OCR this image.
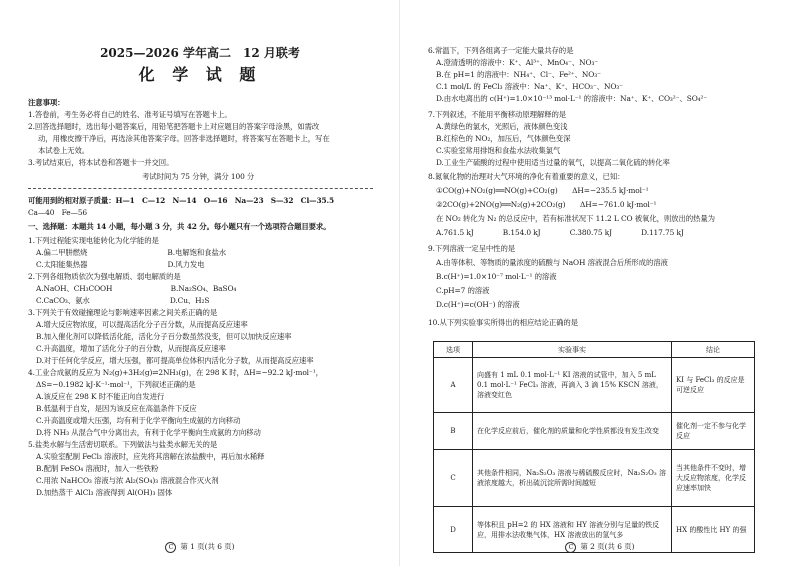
2025—2026 学年高二　12 月联考
化 学 试 题
注意事项：
1.答卷前，考生务必将自己的姓名、准考证号填写在答题卡上。
2.回答选择题时，选出每小题答案后，用铅笔把答题卡上对应题目的答案字母涂黑，如需改
动，用橡皮擦干净后，再选涂其他答案字母。回答非选择题时，将答案写在答题卡上，写在
本试卷上无效。
3.考试结束后，将本试卷和答题卡一并交回。
考试时间为 75 分钟，满分 100 分
可能用到的相对原子质量：H—1　C—12　N—14　O—16　Na—23　S—32　Cl—35.5
Ca—40　Fe—56
一、选择题：本题共 14 小题，每小题 3 分，共 42 分。每小题只有一个选项符合题目要求。
1.下列过程能实现电能转化为化学能的是
A.偏二甲肼燃烧　　　　　　　　　　　B.电解饱和食盐水
C.太阳能集热器　　　　　　　　　　　D.风力发电
2.下列各组物质依次为强电解质、弱电解质的是
A.NaOH、CH₃COOH　　　　　　　　B.Na₂SO₄、BaSO₄
C.CaCO₃、氨水　　　　　　　　　　　D.Cu、H₂S
3.下列关于有效碰撞理论与影响速率因素之间关系正确的是
A.增大反应物浓度，可以提高活化分子百分数，从而提高反应速率
B.加入催化剂可以降低活化能，活化分子百分数虽然没变，但可以加快反应速率
C.升高温度，增加了活化分子的百分数，从而提高反应速率
D.对于任何化学反应，增大压强，都可提高单位体积内活化分子数，从而提高反应速率
4.工业合成氨的反应为 N₂(g)+3H₂(g)⇌2NH₃(g)，在 298 K 时，ΔH=−92.2 kJ·mol⁻¹，
ΔS=−0.1982 kJ·K⁻¹·mol⁻¹，下列叙述正确的是
A.该反应在 298 K 时不能正向自发进行
B.低温利于自发，是因为该反应在高温条件下反应
C.升高温度或增大压强，均有利于化学平衡向生成氨的方向移动
D.将 NH₃ 从混合气中分离出去，有利于化学平衡向生成氨的方向移动
5.盐类水解与生活密切联系。下列做法与盐类水解无关的是
A.实验室配制 FeCl₃ 溶液时，应先将其溶解在浓盐酸中，再后加水稀释
B.配制 FeSO₄ 溶液时，加入一些铁粉
C.用浓 NaHCO₃ 溶液与浓 Al₂(SO₄)₃ 溶液混合作灭火剂
D.加热蒸干 AlCl₃ 溶液得到 Al(OH)₃ 固体
C 第 1 页(共 6 页)
6.常温下，下列各组离子一定能大量共存的是
A.澄清透明的溶液中：K⁺、Al³⁺、MnO₄⁻、NO₃⁻
B.在 pH=1 的溶液中：NH₄⁺、Cl⁻、Fe²⁺、NO₃⁻
C.1 mol/L 的 FeCl₃ 溶液中：Na⁺、K⁺、HCO₃⁻、NO₃⁻
D.由水电离出的 c(H⁺)=1.0×10⁻¹³ mol·L⁻¹ 的溶液中：Na⁺、K⁺、CO₃²⁻、SO₄²⁻
7.下列叙述，不能用平衡移动原理解释的是
A.黄绿色的氯水，光照后，液体颜色变浅
B.红棕色的 NO₂，加压后，气体颜色变深
C.实验室常用排饱和食盐水法收集氯气
D.工业生产硫酸的过程中使用适当过量的氧气，以提高二氧化硫的转化率
8.氮氧化物的治理对大气环境的净化有着重要的意义，已知：
①CO(g)+NO₂(g)══NO(g)+CO₂(g)　　ΔH=−235.5 kJ·mol⁻¹
②2CO(g)+2NO(g)══N₂(g)+2CO₂(g)　　ΔH=−761.0 kJ·mol⁻¹
在 NO₂ 转化为 N₂ 的总反应中，若有标准状况下 11.2 L CO 被氧化，则放出的热量为
A.761.5 kJ　　　　B.154.0 kJ　　　　C.380.75 kJ　　　　D.117.75 kJ
9.下列溶液一定呈中性的是
A.由等体积、等物质的量浓度的硫酸与 NaOH 溶液混合后所形成的溶液
B.c(H⁺)=1.0×10⁻⁷ mol·L⁻¹ 的溶液
C.pH=7 的溶液
D.c(H⁺)=c(OH⁻) 的溶液
10.从下列实验事实所得出的相应结论正确的是
C 第 2 页(共 6 页)
选项	实验事实	结论
A	向盛有 1 mL 0.1 mol·L⁻¹ KI 溶液的试管中，加入 5 mL 0.1 mol·L⁻¹ FeCl₃ 溶液，再滴入 3 滴 15% KSCN 溶液，溶液变红色	KI 与 FeCl₃ 的反应是可逆反应
B	在化学反应前后，催化剂的质量和化学性质都没有发生改变	催化剂一定不参与化学反应
C	其他条件相同，Na₂S₂O₃ 溶液与稀硫酸反应时，Na₂S₂O₃ 溶液浓度越大，析出硫沉淀所需时间越短	当其他条件不变时，增大反应物浓度，化学反应速率加快
D	等体积且 pH=2 的 HX 溶液和 HY 溶液分别与足量的铁反应，用排水法收集气体，HX 溶液放出的氢气多	HX 的酸性比 HY 的强
